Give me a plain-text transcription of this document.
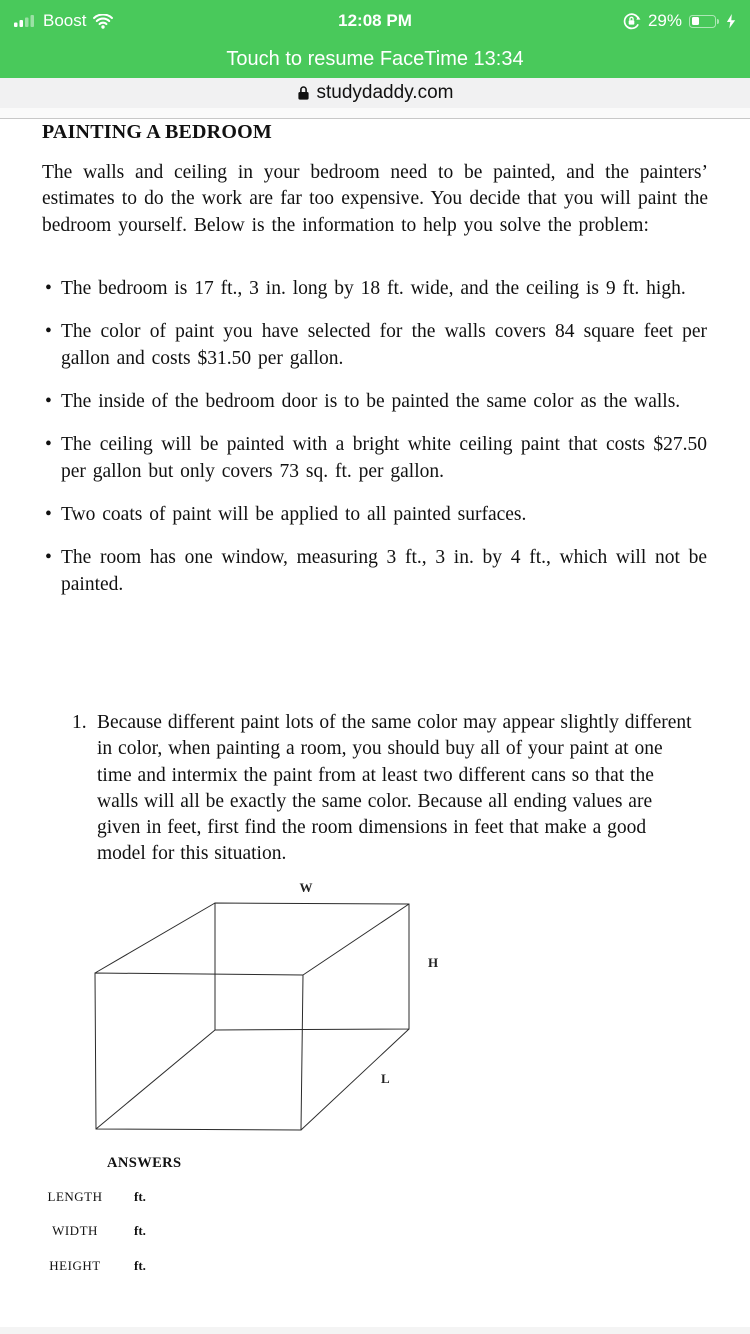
Boost	12:08 PM	29%
Touch to resume FaceTime 13:34
studydaddy.com
PAINTING A BEDROOM

The walls and ceiling in your bedroom need to be painted, and the painters’ estimates to do the work are far too expensive. You decide that you will paint the bedroom yourself. Below is the information to help you solve the problem:

• The bedroom is 17 ft., 3 in. long by 18 ft. wide, and the ceiling is 9 ft. high.
• The color of paint you have selected for the walls covers 84 square feet per gallon and costs $31.50 per gallon.
• The inside of the bedroom door is to be painted the same color as the walls.
• The ceiling will be painted with a bright white ceiling paint that costs $27.50 per gallon but only covers 73 sq. ft. per gallon.
• Two coats of paint will be applied to all painted surfaces.
• The room has one window, measuring 3 ft., 3 in. by 4 ft., which will not be painted.
1. Because different paint lots of the same color may appear slightly different in color, when painting a room, you should buy all of your paint at one time and intermix the paint from at least two different cans so that the walls will all be exactly the same color. Because all ending values are given in feet, first find the room dimensions in feet that make a good model for this situation.
W
H
L
ANSWERS
LENGTH	ft.
WIDTH	ft.
HEIGHT	ft.
